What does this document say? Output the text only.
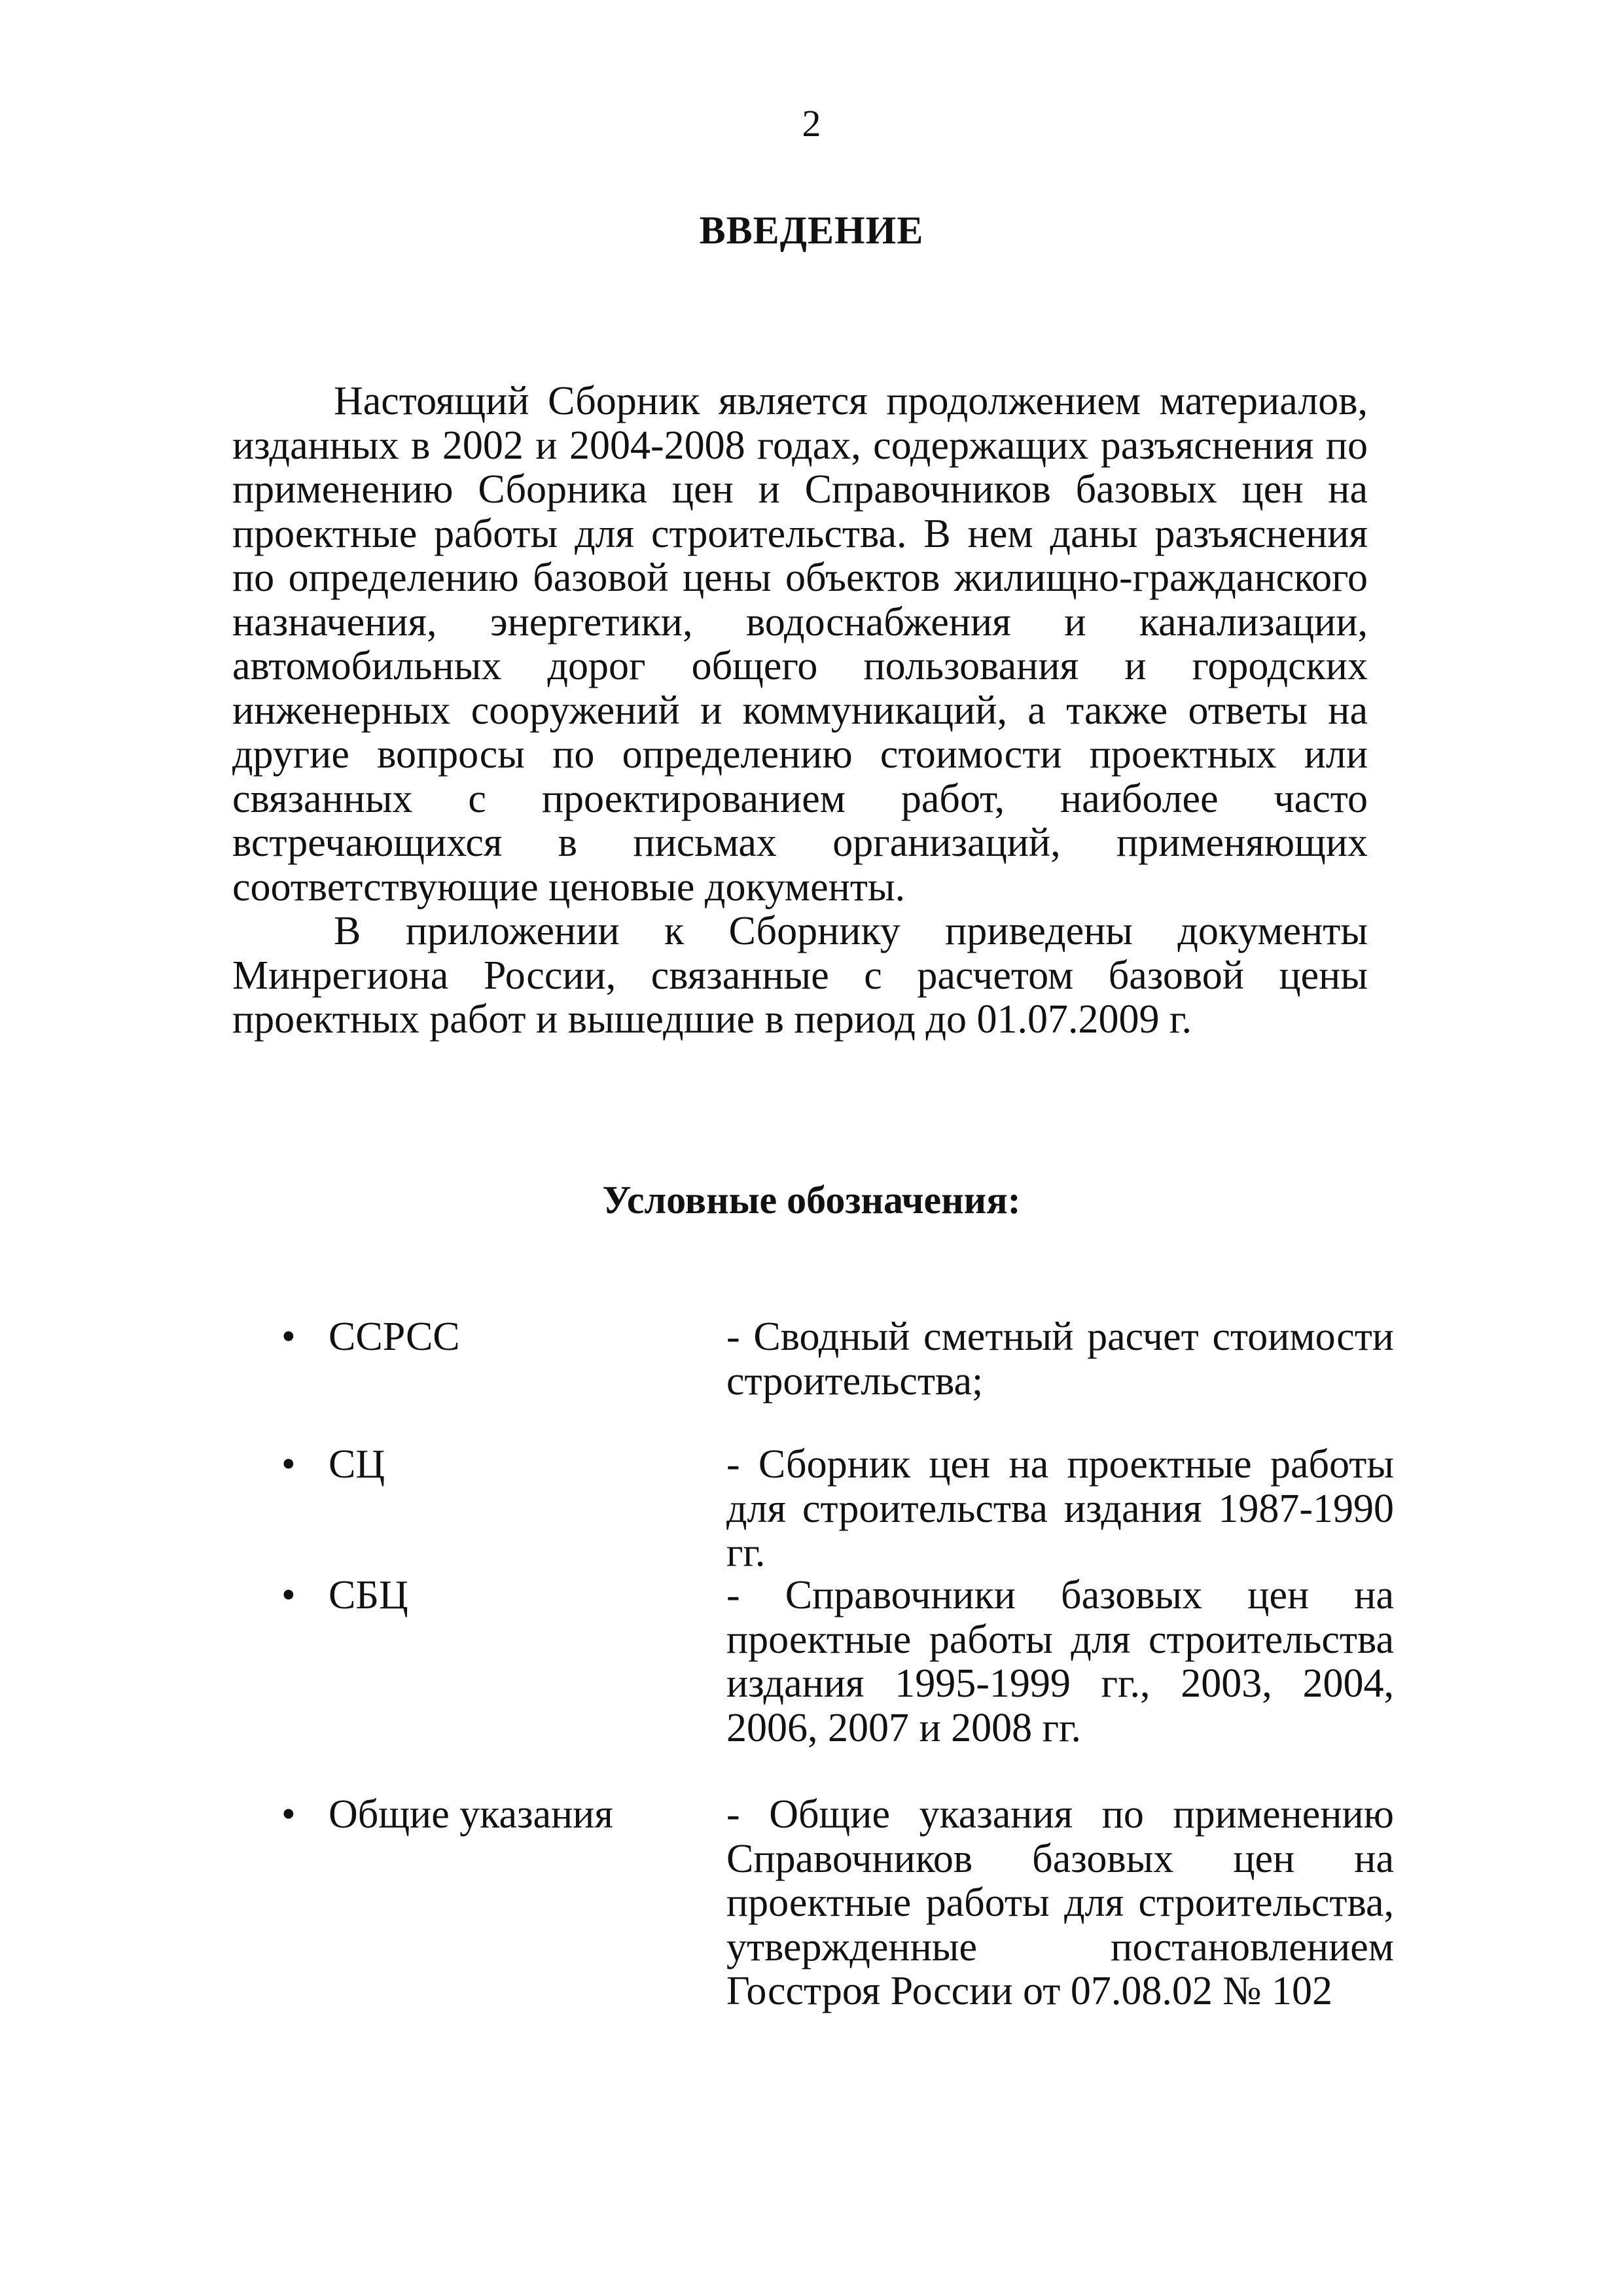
2
ВВЕДЕНИЕ

Настоящий Сборник является продолжением материалов, изданных в 2002 и 2004-2008 годах, содержащих разъяснения по применению Сборника цен и Справочников базовых цен на проектные работы для строительства. В нем даны разъяснения по определению базовой цены объектов жилищно-гражданского назначения, энергетики, водоснабжения и канализации, автомобильных дорог общего пользования и городских инженерных сооружений и коммуникаций, а также ответы на другие вопросы по определению стоимости проектных или связанных с проектированием работ, наиболее часто встречающихся в письмах организаций, применяющих соответствующие ценовые документы.

В приложении к Сборнику приведены документы Минрегиона России, связанные с расчетом базовой цены проектных работ и вышедшие в период до 01.07.2009 г.

Условные обозначения:
• ССРСС	- Сводный сметный расчет стоимости строительства;
• СЦ	- Сборник цен на проектные работы для строительства издания 1987-1990 гг.
• СБЦ	- Справочники базовых цен на проектные работы для строительства издания 1995-1999 гг., 2003, 2004, 2006, 2007 и 2008 гг.
• Общие указания	- Общие указания по применению Справочников базовых цен на проектные работы для строительства, утвержденные постановлением Госстроя России от 07.08.02 № 102
